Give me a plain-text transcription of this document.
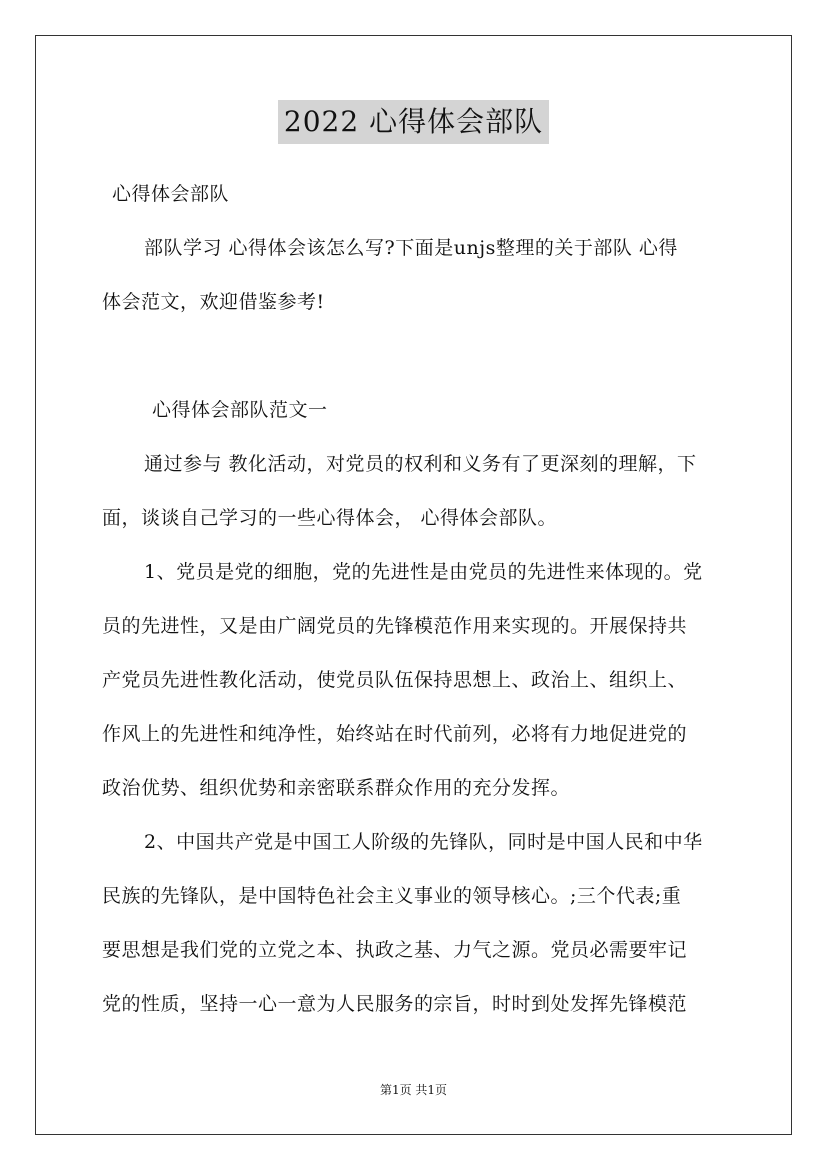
2022 心得体会部队
心得体会部队
部队学习 心得体会该怎么写?下面是unjs整理的关于部队 心得
体会范文，欢迎借鉴参考!
心得体会部队范文一
通过参与 教化活动，对党员的权利和义务有了更深刻的理解，下
面，谈谈自己学习的一些心得体会， 心得体会部队。
1、党员是党的细胞，党的先进性是由党员的先进性来体现的。党
员的先进性，又是由广阔党员的先锋模范作用来实现的。开展保持共
产党员先进性教化活动，使党员队伍保持思想上、政治上、组织上、
作风上的先进性和纯净性，始终站在时代前列，必将有力地促进党的
政治优势、组织优势和亲密联系群众作用的充分发挥。
2、中国共产党是中国工人阶级的先锋队，同时是中国人民和中华
民族的先锋队，是中国特色社会主义事业的领导核心。;三个代表;重
要思想是我们党的立党之本、执政之基、力气之源。党员必需要牢记
党的性质，坚持一心一意为人民服务的宗旨，时时到处发挥先锋模范
第1页 共1页
